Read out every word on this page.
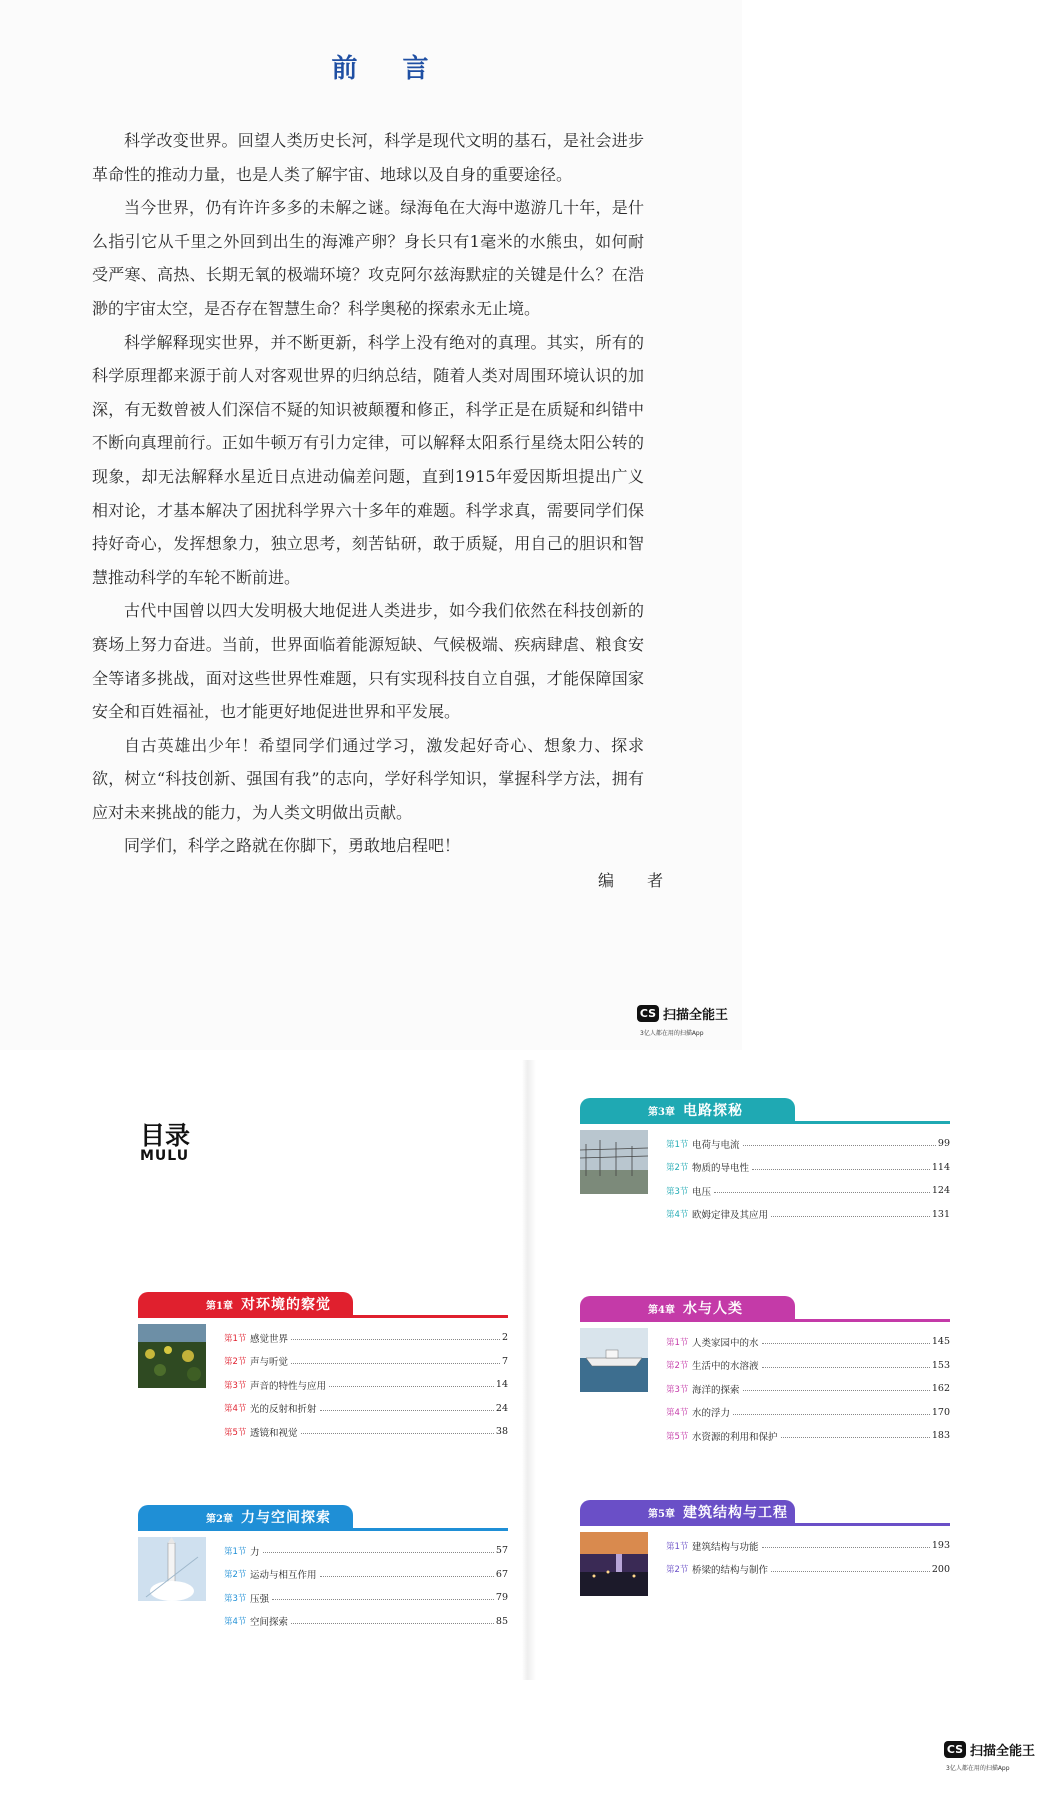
前 言

科学改变世界。回望人类历史长河，科学是现代文明的基石，是社会进步革命性的推动力量，也是人类了解宇宙、地球以及自身的重要途径。

当今世界，仍有许许多多的未解之谜。绿海龟在大海中遨游几十年，是什么指引它从千里之外回到出生的海滩产卵？身长只有1毫米的水熊虫，如何耐受严寒、高热、长期无氧的极端环境？攻克阿尔兹海默症的关键是什么？在浩渺的宇宙太空，是否存在智慧生命？科学奥秘的探索永无止境。

科学解释现实世界，并不断更新，科学上没有绝对的真理。其实，所有的科学原理都来源于前人对客观世界的归纳总结，随着人类对周围环境认识的加深，有无数曾被人们深信不疑的知识被颠覆和修正，科学正是在质疑和纠错中不断向真理前行。正如牛顿万有引力定律，可以解释太阳系行星绕太阳公转的现象，却无法解释水星近日点进动偏差问题，直到1915年爱因斯坦提出广义相对论，才基本解决了困扰科学界六十多年的难题。科学求真，需要同学们保持好奇心，发挥想象力，独立思考，刻苦钻研，敢于质疑，用自己的胆识和智慧推动科学的车轮不断前进。

古代中国曾以四大发明极大地促进人类进步，如今我们依然在科技创新的赛场上努力奋进。当前，世界面临着能源短缺、气候极端、疾病肆虐、粮食安全等诸多挑战，面对这些世界性难题，只有实现科技自立自强，才能保障国家安全和百姓福祉，也才能更好地促进世界和平发展。

自古英雄出少年！希望同学们通过学习，激发起好奇心、想象力、探求欲，树立“科技创新、强国有我”的志向，学好科学知识，掌握科学方法，拥有应对未来挑战的能力，为人类文明做出贡献。

同学们，科学之路就在你脚下，勇敢地启程吧！

编 者
CS 扫描全能王
3亿人都在用的扫描App
目录
MULU
第1章 对环境的察觉
第1节 感觉世界	2
第2节 声与听觉	7
第3节 声音的特性与应用	14
第4节 光的反射和折射	24
第5节 透镜和视觉	38
第2章 力与空间探索
第1节 力	57
第2节 运动与相互作用	67
第3节 压强	79
第4节 空间探索	85
第3章 电路探秘
第1节 电荷与电流	99
第2节 物质的导电性	114
第3节 电压	124
第4节 欧姆定律及其应用	131
第4章 水与人类
第1节 人类家园中的水	145
第2节 生活中的水溶液	153
第3节 海洋的探索	162
第4节 水的浮力	170
第5节 水资源的利用和保护	183
第5章 建筑结构与工程
第1节 建筑结构与功能	193
第2节 桥梁的结构与制作	200
CS 扫描全能王
3亿人都在用的扫描App
